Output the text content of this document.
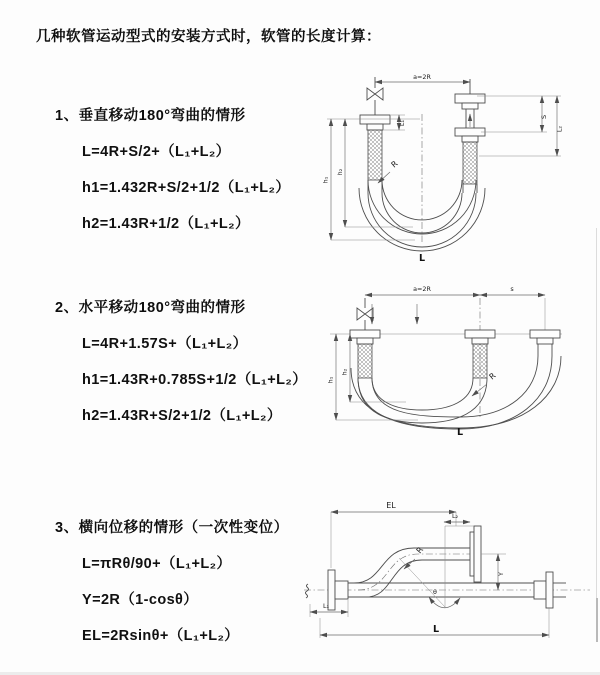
几种软管运动型式的安装方式时，软管的长度计算：
1、垂直移动180°弯曲的情形
L=4R+S/2+（L₁+L₂）
h1=1.432R+S/2+1/2（L₁+L₂）
h2=1.43R+1/2（L₁+L₂）
2、水平移动180°弯曲的情形
L=4R+1.57S+（L₁+L₂）
h1=1.43R+0.785S+1/2（L₁+L₂）
h2=1.43R+S/2+1/2（L₁+L₂）
3、横向位移的情形（一次性变位）
L=πRθ/90+（L₁+L₂）
Y=2R（1-cosθ）
EL=2Rsinθ+（L₁+L₂）
a=2R
S
L₂
h₂
h₁
L₁
R
L
a=2R	s
h₂
h₁	R
L
EL
L₂
Y
θ
R
L₁
L
